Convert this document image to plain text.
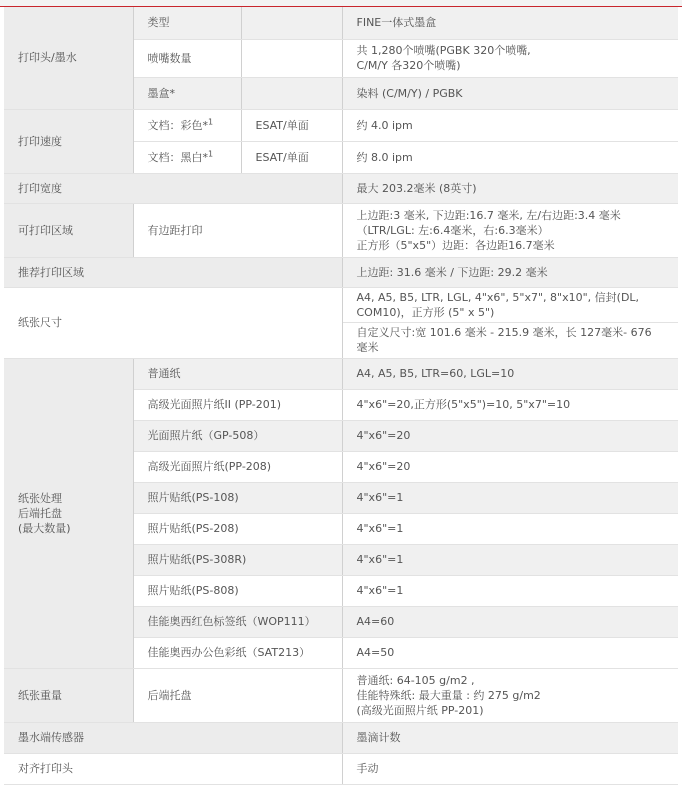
打印头/墨水	类型		FINE一体式墨盒
	喷嘴数量		共 1,280个喷嘴(PGBK 320个喷嘴,
C/M/Y 各320个喷嘴)

	墨盒*		染料 (C/M/Y) / PGBK
打印速度	文档：彩色*$^1$	ESAT/单面	约 4.0 ipm
	文档：黑白*$^1$	ESAT/单面	约 8.0 ipm
打印宽度			最大 203.2毫米 (8英寸)
可打印区域	有边距打印		上边距:3 毫米, 下边距:16.7 毫米, 左/右边距:3.4 毫米
（LTR/LGL: 左:6.4毫米，右:6.3毫米）
正方形（5"x5"）边距：各边距16.7毫米

推荐打印区域			上边距: 31.6 毫米 / 下边距: 29.2 毫米
纸张尺寸			A4, A5, B5, LTR, LGL, 4"x6", 5"x7", 8"x10", 信封(DL,
COM10)，正方形 (5" x 5")

			自定义尺寸:宽 101.6 毫米 - 215.9 毫米，长 127毫米- 676
毫米

纸张处理
后端托盘
(最大数量)	普通纸		A4, A5, B5, LTR=60, LGL=10
	高级光面照片纸II (PP-201)		4"x6"=20,正方形(5"x5")=10, 5"x7"=10
	光面照片纸（GP-508）		4"x6"=20
	高级光面照片纸(PP-208)		4"x6"=20
	照片贴纸(PS-108)		4"x6"=1
	照片贴纸(PS-208)		4"x6"=1
	照片贴纸(PS-308R)		4"x6"=1
	照片贴纸(PS-808)		4"x6"=1
	佳能奥西红色标签纸（WOP111）		A4=60
	佳能奥西办公色彩纸（SAT213）		A4=50
纸张重量	后端托盘		普通纸: 64-105 g/m2 ,
佳能特殊纸: 最大重量 : 约 275 g/m2
(高级光面照片纸 PP-201)

墨水端传感器			墨滴计数
对齐打印头			手动
